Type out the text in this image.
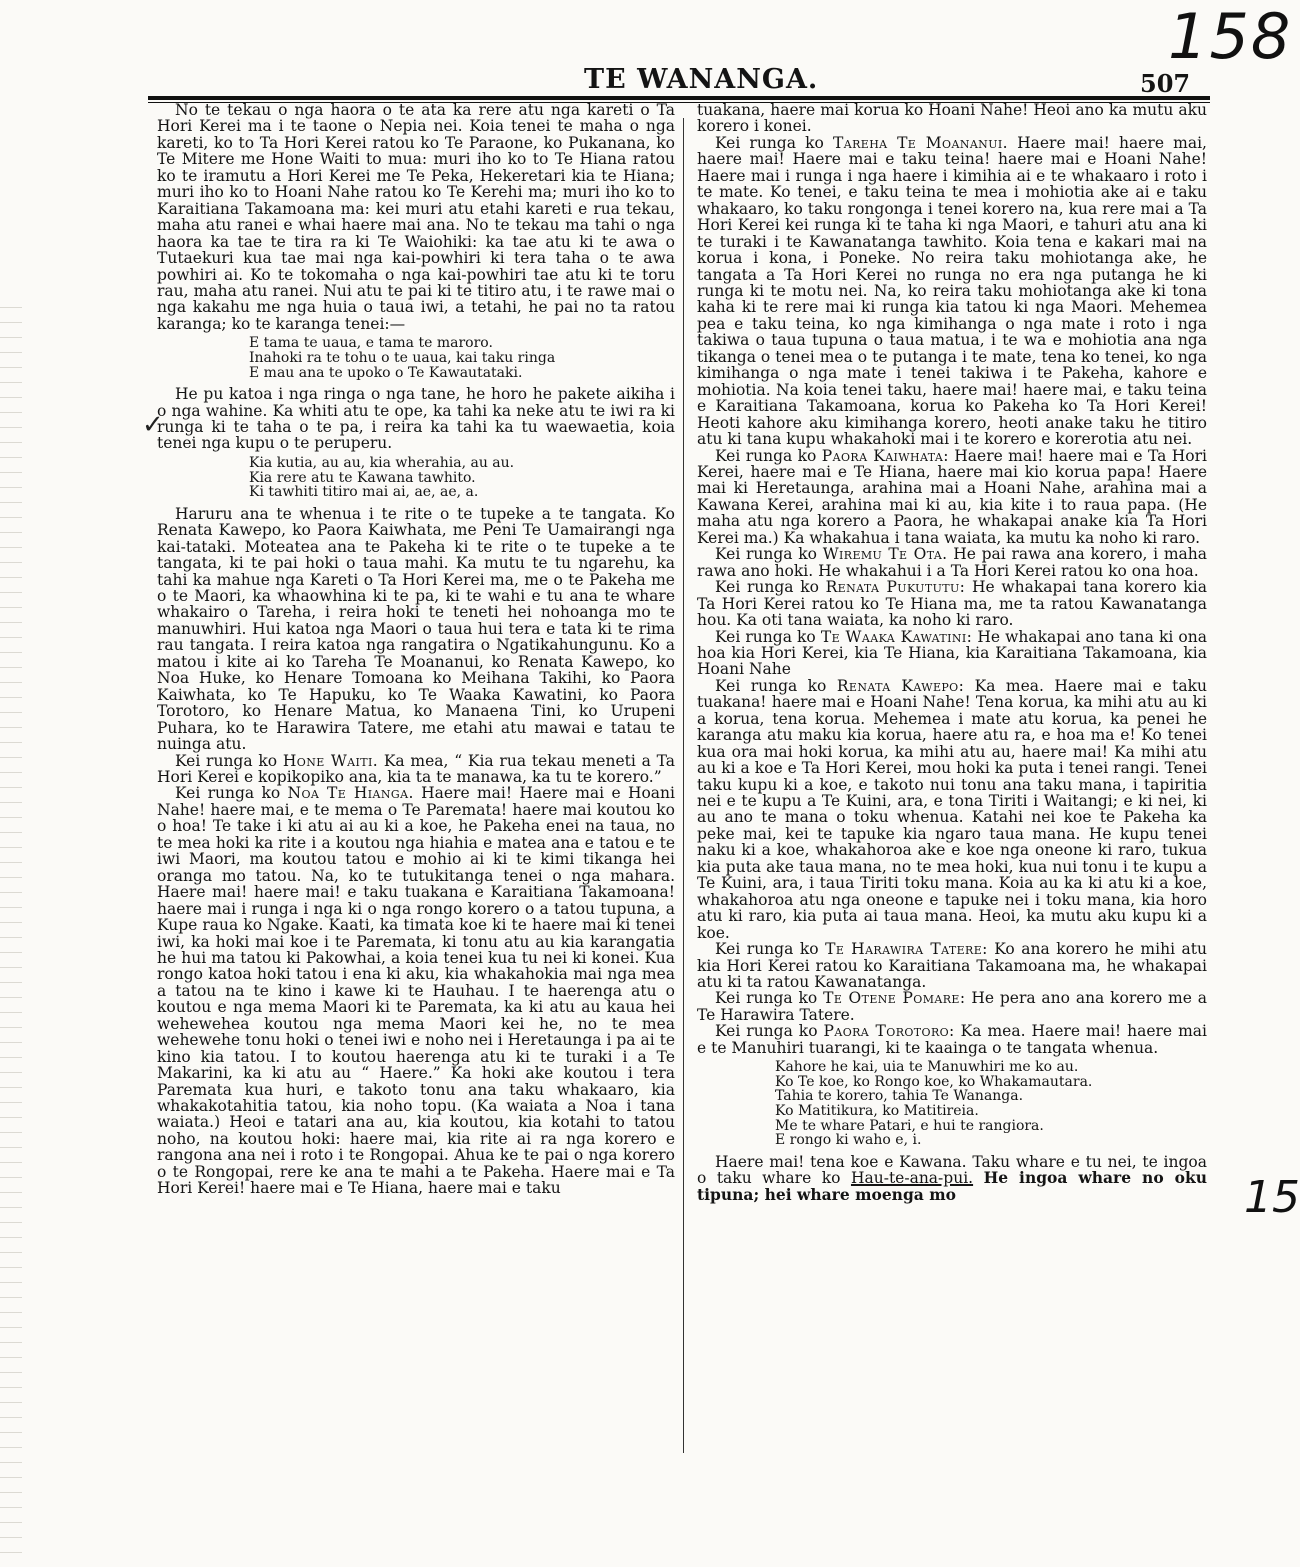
158
TE WANANGA.	507
✓

No te tekau o nga haora o te ata ka rere atu nga kareti o Ta Hori Kerei ma i te taone o Nepia nei. Koia tenei te maha o nga kareti, ko to Ta Hori Kerei ratou ko Te Paraone, ko Pukanana, ko Te Mitere me Hone Waiti to mua: muri iho ko to Te Hiana ratou ko te iramutu a Hori Kerei me Te Peka, Hekeretari kia te Hiana; muri iho ko to Hoani Nahe ratou ko Te Kerehi ma; muri iho ko to Karaitiana Takamoana ma: kei muri atu etahi kareti e rua tekau, maha atu ranei e whai haere mai ana. No te tekau ma tahi o nga haora ka tae te tira ra ki Te Waiohiki: ka tae atu ki te awa o Tutaekuri kua tae mai nga kai-powhiri ki tera taha o te awa powhiri ai. Ko te tokomaha o nga kai-powhiri tae atu ki te toru rau, maha atu ranei. Nui atu te pai ki te titiro atu, i te rawe mai o nga kakahu me nga huia o taua iwi, a tetahi, he pai no ta ratou karanga; ko te karanga tenei:—

E tama te uaua, e tama te maroro.
Inahoki ra te tohu o te uaua, kai taku ringa
E mau ana te upoko o Te Kawautataki.

He pu katoa i nga ringa o nga tane, he horo he pakete aikiha i o nga wahine. Ka whiti atu te ope, ka tahi ka neke atu te iwi ra ki runga ki te taha o te pa, i reira ka tahi ka tu waewaetia, koia tenei nga kupu o te peruperu.

Kia kutia, au au, kia wherahia, au au.
Kia rere atu te Kawana tawhito.
Ki tawhiti titiro mai ai, ae, ae, a.

Haruru ana te whenua i te rite o te tupeke a te tangata. Ko Renata Kawepo, ko Paora Kaiwhata, me Peni Te Uamairangi nga kai-tataki. Moteatea ana te Pakeha ki te rite o te tupeke a te tangata, ki te pai hoki o taua mahi. Ka mutu te tu ngarehu, ka tahi ka mahue nga Kareti o Ta Hori Kerei ma, me o te Pakeha me o te Maori, ka whaowhina ki te pa, ki te wahi e tu ana te whare whakairo o Tareha, i reira hoki te teneti hei nohoanga mo te manuwhiri. Hui katoa nga Maori o taua hui tera e tata ki te rima rau tangata. I reira katoa nga rangatira o Ngatikahungunu. Ko a matou i kite ai ko Tareha Te Moananui, ko Renata Kawepo, ko Noa Huke, ko Henare Tomoana ko Meihana Takihi, ko Paora Kaiwhata, ko Te Hapuku, ko Te Waaka Kawatini, ko Paora Torotoro, ko Henare Matua, ko Manaena Tini, ko Urupeni Puhara, ko te Harawira Tatere, me etahi atu mawai e tatau te nuinga atu.

Kei runga ko Hone Waiti. Ka mea, “ Kia rua tekau meneti a Ta Hori Kerei e kopikopiko ana, kia ta te manawa, ka tu te korero.”

Kei runga ko Noa Te Hianga. Haere mai! Haere mai e Hoani Nahe! haere mai, e te mema o Te Paremata! haere mai koutou ko o hoa! Te take i ki atu ai au ki a koe, he Pakeha enei na taua, no te mea hoki ka rite i a koutou nga hiahia e matea ana e tatou e te iwi Maori, ma koutou tatou e mohio ai ki te kimi tikanga hei oranga mo tatou. Na, ko te tutukitanga tenei o nga mahara. Haere mai! haere mai! e taku tuakana e Karaitiana Takamoana! haere mai i runga i nga ki o nga rongo korero o a tatou tupuna, a Kupe raua ko Ngake. Kaati, ka timata koe ki te haere mai ki tenei iwi, ka hoki mai koe i te Paremata, ki tonu atu au kia karangatia he hui ma tatou ki Pakowhai, a koia tenei kua tu nei ki konei. Kua rongo katoa hoki tatou i ena ki aku, kia whakahokia mai nga mea a tatou na te kino i kawe ki te Hauhau. I te haerenga atu o koutou e nga mema Maori ki te Paremata, ka ki atu au kaua hei wehewehea koutou nga mema Maori kei he, no te mea wehewehe tonu hoki o tenei iwi e noho nei i Heretaunga i pa ai te kino kia tatou. I to koutou haerenga atu ki te turaki i a Te Makarini, ka ki atu au “ Haere.” Ka hoki ake koutou i tera Paremata kua huri, e takoto tonu ana taku whakaaro, kia whakakotahitia tatou, kia noho topu. (Ka waiata a Noa i tana waiata.) Heoi e tatari ana au, kia koutou, kia kotahi to tatou noho, na koutou hoki: haere mai, kia rite ai ra nga korero e rangona ana nei i roto i te Rongopai. Ahua ke te pai o nga korero o te Rongopai, rere ke ana te mahi a te Pakeha. Haere mai e Ta Hori Kerei! haere mai e Te Hiana, haere mai e taku

tuakana, haere mai korua ko Hoani Nahe! Heoi ano ka mutu aku korero i konei.

Kei runga ko Tareha Te Moananui. Haere mai! haere mai, haere mai! Haere mai e taku teina! haere mai e Hoani Nahe! Haere mai i runga i nga haere i kimihia ai e te whakaaro i roto i te mate. Ko tenei, e taku teina te mea i mohiotia ake ai e taku whakaaro, ko taku rongonga i tenei korero na, kua rere mai a Ta Hori Kerei kei runga ki te taha ki nga Maori, e tahuri atu ana ki te turaki i te Kawanatanga tawhito. Koia tena e kakari mai na korua i kona, i Poneke. No reira taku mohiotanga ake, he tangata a Ta Hori Kerei no runga no era nga putanga he ki runga ki te motu nei. Na, ko reira taku mohiotanga ake ki tona kaha ki te rere mai ki runga kia tatou ki nga Maori. Mehemea pea e taku teina, ko nga kimihanga o nga mate i roto i nga takiwa o taua tupuna o taua matua, i te wa e mohiotia ana nga tikanga o tenei mea o te putanga i te mate, tena ko tenei, ko nga kimihanga o nga mate i tenei takiwa i te Pakeha, kahore e mohiotia. Na koia tenei taku, haere mai! haere mai, e taku teina e Karaitiana Takamoana, korua ko Pakeha ko Ta Hori Kerei! Heoti kahore aku kimihanga korero, heoti anake taku he titiro atu ki tana kupu whakahoki mai i te korero e korerotia atu nei.

Kei runga ko Paora Kaiwhata: Haere mai! haere mai e Ta Hori Kerei, haere mai e Te Hiana, haere mai kio korua papa! Haere mai ki Heretaunga, arahina mai a Hoani Nahe, arahina mai a Kawana Kerei, arahina mai ki au, kia kite i to raua papa. (He maha atu nga korero a Paora, he whakapai anake kia Ta Hori Kerei ma.) Ka whakahua i tana waiata, ka mutu ka noho ki raro.

Kei runga ko Wiremu Te Ota. He pai rawa ana korero, i maha rawa ano hoki. He whakahui i a Ta Hori Kerei ratou ko ona hoa.

Kei runga ko Renata Pukututu: He whakapai tana korero kia Ta Hori Kerei ratou ko Te Hiana ma, me ta ratou Kawanatanga hou. Ka oti tana waiata, ka noho ki raro.

Kei runga ko Te Waaka Kawatini: He whakapai ano tana ki ona hoa kia Hori Kerei, kia Te Hiana, kia Karaitiana Takamoana, kia Hoani Nahe

Kei runga ko Renata Kawepo: Ka mea. Haere mai e taku tuakana! haere mai e Hoani Nahe! Tena korua, ka mihi atu au ki a korua, tena korua. Mehemea i mate atu korua, ka penei he karanga atu maku kia korua, haere atu ra, e hoa ma e! Ko tenei kua ora mai hoki korua, ka mihi atu au, haere mai! Ka mihi atu au ki a koe e Ta Hori Kerei, mou hoki ka puta i tenei rangi. Tenei taku kupu ki a koe, e takoto nui tonu ana taku mana, i tapiritia nei e te kupu a Te Kuini, ara, e tona Tiriti i Waitangi; e ki nei, ki au ano te mana o toku whenua. Katahi nei koe te Pakeha ka peke mai, kei te tapuke kia ngaro taua mana. He kupu tenei naku ki a koe, whakahoroa ake e koe nga oneone ki raro, tukua kia puta ake taua mana, no te mea hoki, kua nui tonu i te kupu a Te Kuini, ara, i taua Tiriti toku mana. Koia au ka ki atu ki a koe, whakahoroa atu nga oneone e tapuke nei i toku mana, kia horo atu ki raro, kia puta ai taua mana. Heoi, ka mutu aku kupu ki a koe.

Kei runga ko Te Harawira Tatere: Ko ana korero he mihi atu kia Hori Kerei ratou ko Karaitiana Takamoana ma, he whakapai atu ki ta ratou Kawanatanga.

Kei runga ko Te Otene Pomare: He pera ano ana korero me a Te Harawira Tatere.

Kei runga ko Paora Torotoro: Ka mea. Haere mai! haere mai e te Manuhiri tuarangi, ki te kaainga o te tangata whenua.

Kahore he kai, uia te Manuwhiri me ko au.
Ko Te koe, ko Rongo koe, ko Whakamautara.
Tahia te korero, tahia Te Wananga.
Ko Matitikura, ko Matitireia.
Me te whare Patari, e hui te rangiora.
E rongo ki waho e, i.

Haere mai! tena koe e Kawana. Taku whare e tu nei, te ingoa o taku whare ko Hau-te-ana-pui. He ingoa whare no oku tipuna; hei whare moenga mo	15
